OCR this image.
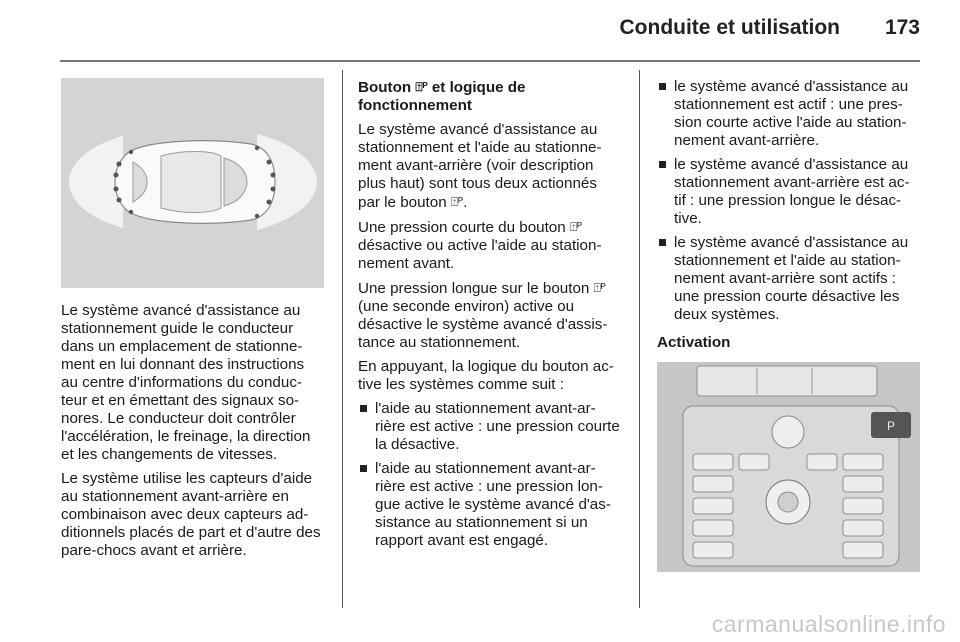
Conduite et utilisation 173

Le système avancé d'assistance au stationnement guide le conducteur dans un emplacement de stationne-ment en lui donnant des instructions au centre d'informations du conduc-teur et en émettant des signaux so-nores. Le conducteur doit contrôler l'accélération, le freinage, la direction et les changements de vitesses.

Le système utilise les capteurs d'aide au stationnement avant-arrière en combinaison avec deux capteurs ad-ditionnels placés de part et d'autre des pare-chocs avant et arrière.

Bouton ⍐ᴾ et logique de fonctionnement

Le système avancé d'assistance au stationnement et l'aide au stationne-ment avant-arrière (voir description plus haut) sont tous deux actionnés par le bouton ⍐ᴾ.

Une pression courte du bouton ⍐ᴾ désactive ou active l'aide au station-nement avant.

Une pression longue sur le bouton ⍐ᴾ (une seconde environ) active ou désactive le système avancé d'assis-tance au stationnement.

En appuyant, la logique du bouton ac-tive les systèmes comme suit :

l'aide au stationnement avant-ar-rière est active : une pression courte la désactive.
l'aide au stationnement avant-ar-rière est active : une pression lon-gue active le système avancé d'as-sistance au stationnement si un rapport avant est engagé.
le système avancé d'assistance au stationnement est actif : une pres-sion courte active l'aide au station-nement avant-arrière.
le système avancé d'assistance au stationnement avant-arrière est ac-tif : une pression longue le désac-tive.
le système avancé d'assistance au stationnement et l'aide au station-nement avant-arrière sont actifs : une pression courte désactive les deux systèmes.
Activation
P
carmanualsonline.info
